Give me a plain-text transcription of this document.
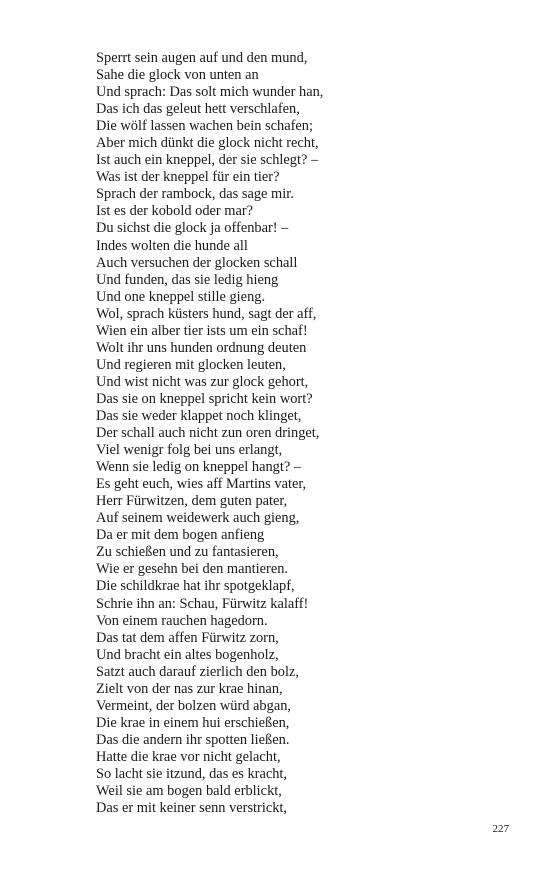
Sperrt sein augen auf und den mund,
Sahe die glock von unten an
Und sprach: Das solt mich wunder han,
Das ich das geleut hett verschlafen,
Die wölf lassen wachen bein schafen;
Aber mich dünkt die glock nicht recht,
Ist auch ein kneppel, der sie schlegt? –
Was ist der kneppel für ein tier?
Sprach der rambock, das sage mir.
Ist es der kobold oder mar?
Du sichst die glock ja offenbar! –
Indes wolten die hunde all
Auch versuchen der glocken schall
Und funden, das sie ledig hieng
Und one kneppel stille gieng.
Wol, sprach küsters hund, sagt der aff,
Wien ein alber tier ists um ein schaf!
Wolt ihr uns hunden ordnung deuten
Und regieren mit glocken leuten,
Und wist nicht was zur glock gehort,
Das sie on kneppel spricht kein wort?
Das sie weder klappet noch klinget,
Der schall auch nicht zun oren dringet,
Viel wenigr folg bei uns erlangt,
Wenn sie ledig on kneppel hangt? –
Es geht euch, wies aff Martins vater,
Herr Fürwitzen, dem guten pater,
Auf seinem weidewerk auch gieng,
Da er mit dem bogen anfieng
Zu schießen und zu fantasieren,
Wie er gesehn bei den mantieren.
Die schildkrae hat ihr spotgeklapf,
Schrie ihn an: Schau, Fürwitz kalaff!
Von einem rauchen hagedorn.
Das tat dem affen Fürwitz zorn,
Und bracht ein altes bogenholz,
Satzt auch darauf zierlich den bolz,
Zielt von der nas zur krae hinan,
Vermeint, der bolzen würd abgan,
Die krae in einem hui erschießen,
Das die andern ihr spotten ließen.
Hatte die krae vor nicht gelacht,
So lacht sie itzund, das es kracht,
Weil sie am bogen bald erblickt,
Das er mit keiner senn verstrickt,
227
